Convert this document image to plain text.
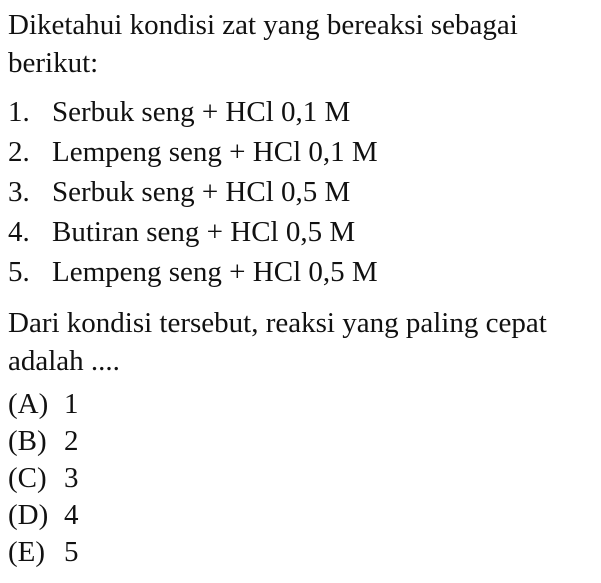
Diketahui kondisi zat yang bereaksi sebagai berikut:

1. Serbuk seng + HCl 0,1 M
2. Lempeng seng + HCl 0,1 M
3. Serbuk seng + HCl 0,5 M
4. Butiran seng + HCl 0,5 M
5. Lempeng seng + HCl 0,5 M

Dari kondisi tersebut, reaksi yang paling cepat adalah ....

(A) 1
(B) 2
(C) 3
(D) 4
(E) 5
